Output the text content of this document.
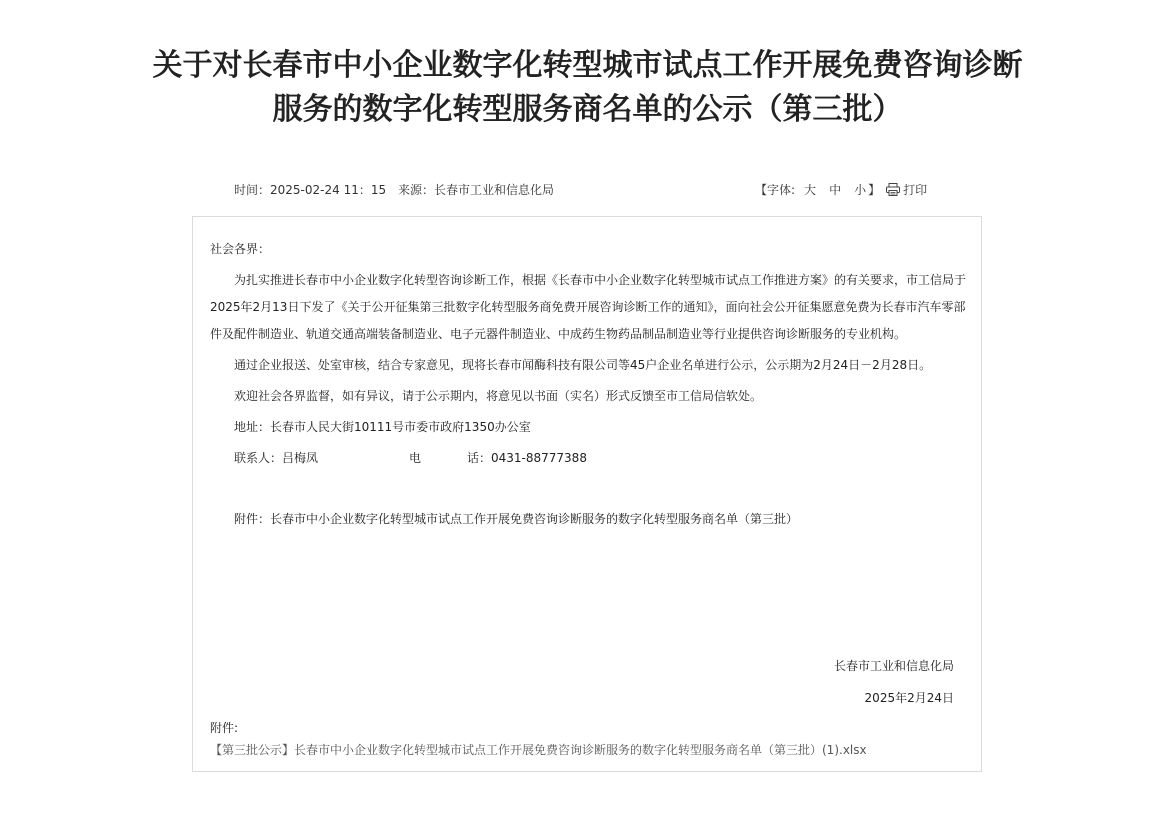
关于对长春市中小企业数字化转型城市试点工作开展免费咨询诊断服务的数字化转型服务商名单的公示（第三批）
时间：2025-02-24 11：15 来源：长春市工业和信息化局	【字体: 大 中 小 】 打印

社会各界：

为扎实推进长春市中小企业数字化转型咨询诊断工作，根据《长春市中小企业数字化转型城市试点工作推进方案》的有关要求，市工信局于2025年2月13日下发了《关于公开征集第三批数字化转型服务商免费开展咨询诊断工作的通知》，面向社会公开征集愿意免费为长春市汽车零部件及配件制造业、轨道交通高端装备制造业、电子元器件制造业、中成药生物药品制品制造业等行业提供咨询诊断服务的专业机构。

通过企业报送、处室审核，结合专家意见，现将长春市闻酶科技有限公司等45户企业名单进行公示，公示期为2月24日－2月28日。

欢迎社会各界监督，如有异议，请于公示期内，将意见以书面（实名）形式反馈至市工信局信软处。

地址：长春市人民大街10111号市委市政府1350办公室

联系人：吕梅凤	电	话：0431-88777388

附件：长春市中小企业数字化转型城市试点工作开展免费咨询诊断服务的数字化转型服务商名单（第三批）

长春市工业和信息化局
2025年2月24日
附件:
【第三批公示】长春市中小企业数字化转型城市试点工作开展免费咨询诊断服务的数字化转型服务商名单（第三批）(1).xlsx
